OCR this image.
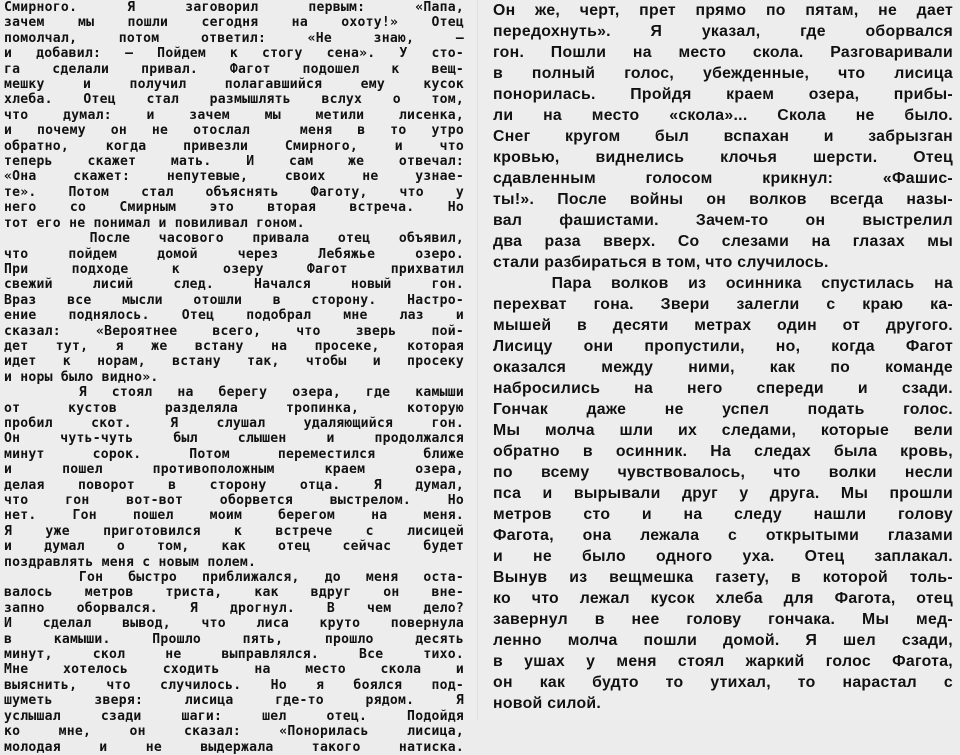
Смирного. Я заговорил первым: «Папа,
зачем мы пошли сегодня на охоту!» Отец
помолчал, потом ответил: «Не знаю, —
и добавил: — Пойдем к стогу сена». У сто-
га сделали привал. Фагот подошел к вещ-
мешку и получил полагавшийся ему кусок
хлеба. Отец стал размышлять вслух о том,
что думал: и зачем мы метили лисенка,
и почему он не отослал  меня в то утро
обратно, когда привезли Смирного, и что
теперь скажет мать. И сам же отвечал:
«Она скажет: непутевые, своих не узнае-
те». Потом стал объяснять Фаготу, что у
него со Смирным это вторая встреча. Но
тот его не понимал и повиливал гоном.
После часового привала отец объявил,
что пойдем домой через Лебяжье озеро.
При подходе к озеру Фагот прихватил
свежий лисий след. Начался новый гон.
Враз все мысли отошли в сторону. Настро-
ение поднялось. Отец подобрал мне лаз и
сказал: «Вероятнее всего, что зверь пой-
дет тут, я же встану на просеке, которая
идет к норам, встану так, чтобы и просеку
и норы было видно».
Я стоял на берегу озера, где камыши
от кустов разделяла тропинка, которую
пробил скот. Я слушал удаляющийся гон.
Он чуть-чуть был слышен и продолжался
минут сорок. Потом переместился ближе
и пошел противоположным краем озера,
делая поворот в сторону отца. Я думал,
что гон вот-вот оборвется выстрелом. Но
нет. Гон пошел моим берегом на меня.
Я уже приготовился к встрече с лисицей
и думал о том, как отец сейчас будет
поздравлять меня с новым полем.
Гон быстро приближался, до меня оста-
валось метров триста, как вдруг он вне-
запно оборвался. Я дрогнул. В чем дело?
И сделал вывод, что лиса круто повернула
в камыши. Прошло пять, прошло десять
минут, скол не выправлялся. Все тихо.
Мне хотелось сходить на место скола и
выяснить, что случилось. Но я боялся под-
шуметь зверя: лисица где-то рядом. Я
услышал сзади шаги: шел отец. Подойдя
ко мне, он сказал: «Понорилась лисица,
молодая и не выдержала такого натиска.
Он же, черт, прет прямо по пятам, не дает
передохнуть». Я указал, где оборвался
гон. Пошли на место скола. Разговаривали
в полный голос, убежденные, что лисица
понорилась. Пройдя краем озера, прибы-
ли на место «скола»... Скола не было.
Снег кругом был вспахан и забрызган
кровью, виднелись клочья шерсти. Отец
сдавленным голосом крикнул: «Фашис-
ты!». После войны он волков всегда назы-
вал фашистами. Зачем-то он выстрелил
два раза вверх. Со слезами на глазах мы
стали разбираться в том, что случилось.
Пара волков из осинника спустилась на
перехват гона. Звери залегли с краю ка-
мышей в десяти метрах один от другого.
Лисицу они пропустили, но, когда Фагот
оказался между ними, как по команде
набросились на него спереди и сзади.
Гончак даже не успел подать голос.
Мы молча шли их следами, которые вели
обратно в осинник. На следах была кровь,
по всему чувствовалось, что волки несли
пса и вырывали друг у друга. Мы прошли
метров сто и на следу нашли голову
Фагота, она лежала с открытыми глазами
и не было одного уха. Отец заплакал.
Вынув из вещмешка газету, в которой толь-
ко что лежал кусок хлеба для Фагота, отец
завернул в нее голову гончака. Мы мед-
ленно молча пошли домой. Я шел сзади,
в ушах у меня стоял жаркий голос Фагота,
он как будто то утихал, то нарастал с
новой силой.
